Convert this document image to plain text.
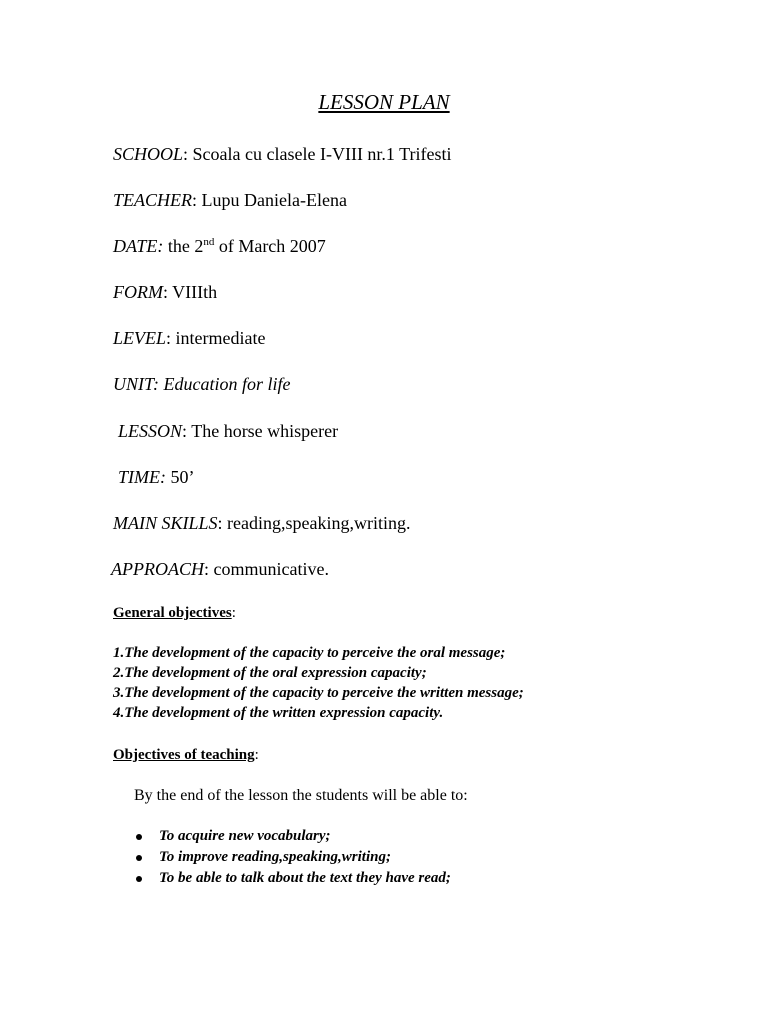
LESSON PLAN
SCHOOL: Scoala cu clasele I-VIII nr.1 Trifesti
TEACHER: Lupu Daniela-Elena
DATE: the 2nd of March 2007
FORM: VIIIth
LEVEL: intermediate
UNIT: Education for life
LESSON: The horse whisperer
TIME: 50’
MAIN SKILLS: reading,speaking,writing.
APPROACH: communicative.
General objectives:
1.The development of the capacity to perceive the oral message;
2.The development of the oral expression capacity;
3.The development of the capacity to perceive the written message;
4.The development of the written expression capacity.
Objectives of teaching:
By the end of the lesson the students will be able to:
To acquire new vocabulary;
To improve reading,speaking,writing;
To be able to talk about the text they have read;
